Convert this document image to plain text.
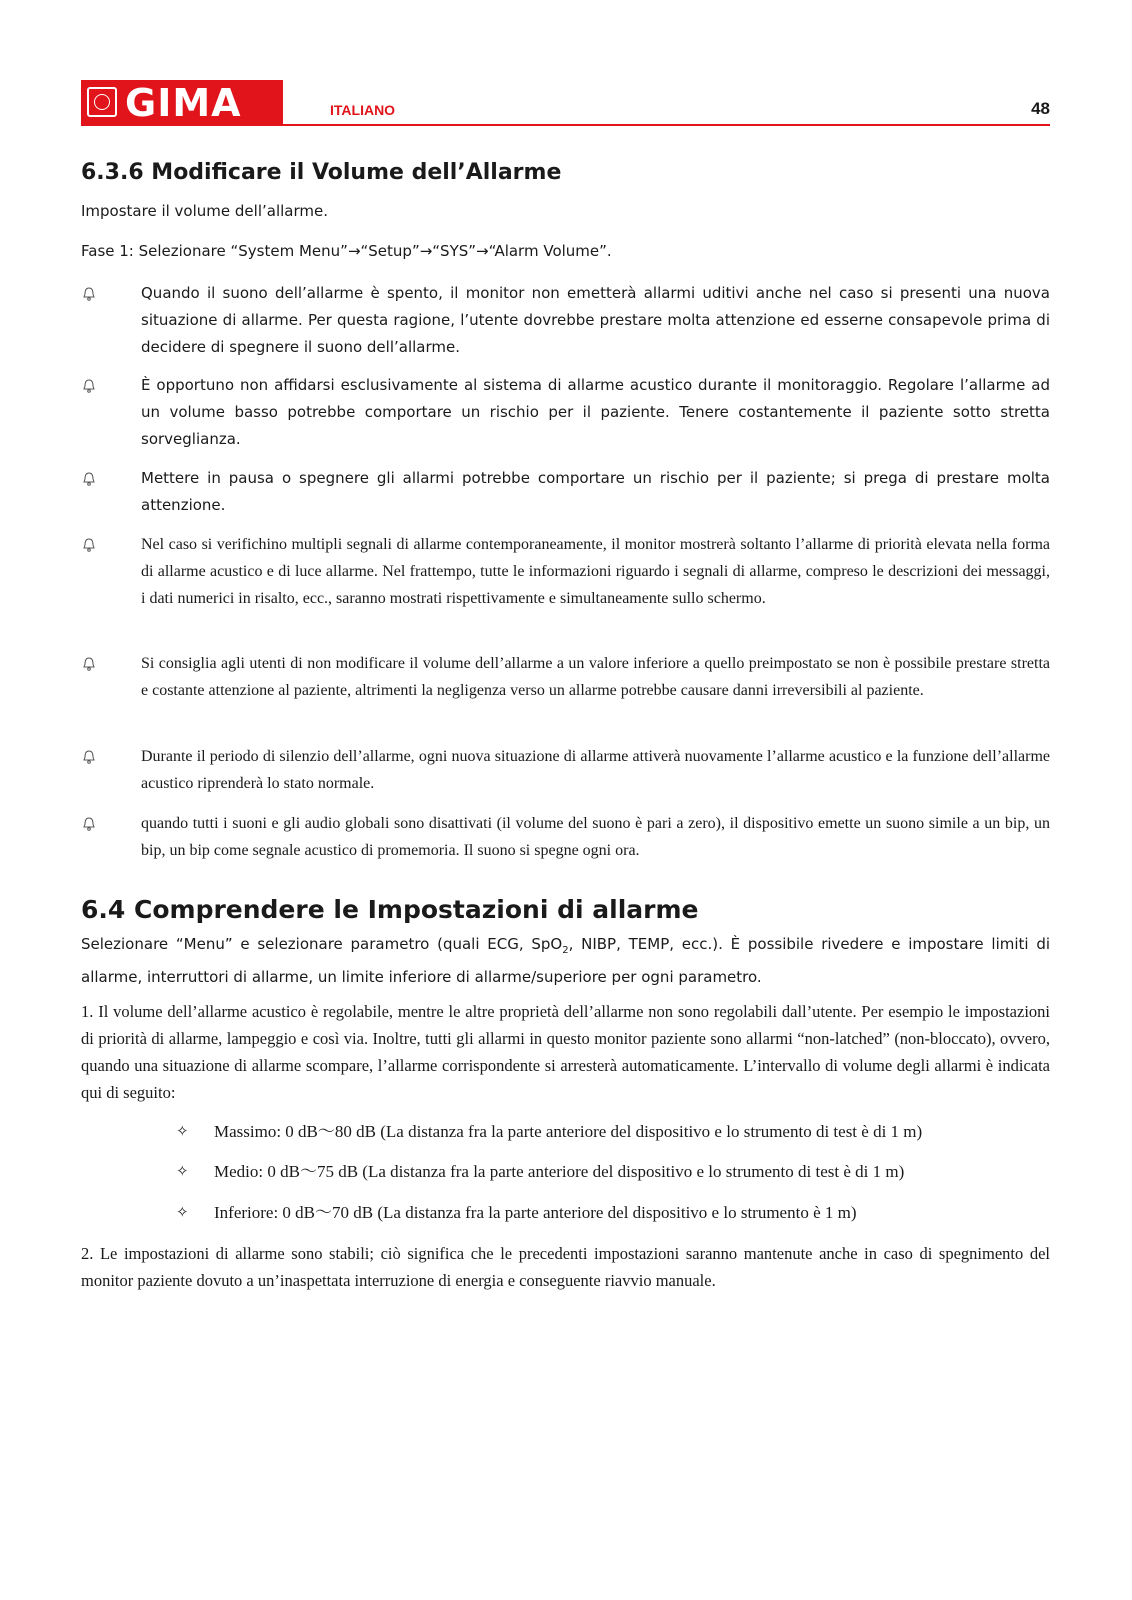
GIMA	ITALIANO	48
6.3.6 Modificare il Volume dell’Allarme

Impostare il volume dell’allarme.

Fase 1: Selezionare “System Menu”→“Setup”→“SYS”→“Alarm Volume”.

Quando il suono dell’allarme è spento, il monitor non emetterà allarmi uditivi anche nel caso si presenti una nuova situazione di allarme. Per questa ragione, l’utente dovrebbe prestare molta attenzione ed esserne consapevole prima di decidere di spegnere il suono dell’allarme.
È opportuno non affidarsi esclusivamente al sistema di allarme acustico durante il monitoraggio. Regolare l’allarme ad un volume basso potrebbe comportare un rischio per il paziente. Tenere costantemente il paziente sotto stretta sorveglianza.
Mettere in pausa o spegnere gli allarmi potrebbe comportare un rischio per il paziente; si prega di prestare molta attenzione.
Nel caso si verifichino multipli segnali di allarme contemporaneamente, il monitor mostrerà soltanto l’allarme di priorità elevata nella forma di allarme acustico e di luce allarme. Nel frattempo, tutte le informazioni riguardo i segnali di allarme, compreso le descrizioni dei messaggi, i dati numerici in risalto, ecc., saranno mostrati rispettivamente e simultaneamente sullo schermo.
Si consiglia agli utenti di non modificare il volume dell’allarme a un valore inferiore a quello preimpostato se non è possibile prestare stretta e costante attenzione al paziente, altrimenti la negligenza verso un allarme potrebbe causare danni irreversibili al paziente.
Durante il periodo di silenzio dell’allarme, ogni nuova situazione di allarme attiverà nuovamente l’allarme acustico e la funzione dell’allarme acustico riprenderà lo stato normale.
quando tutti i suoni e gli audio globali sono disattivati (il volume del suono è pari a zero), il dispositivo emette un suono simile a un bip, un bip, un bip come segnale acustico di promemoria. Il suono si spegne ogni ora.
6.4 Comprendere le Impostazioni di allarme

Selezionare “Menu” e selezionare parametro (quali ECG, SpO$_2$, NIBP, TEMP, ecc.). È possibile rivedere e impostare limiti di allarme, interruttori di allarme, un limite inferiore di allarme/superiore per ogni parametro.

1. Il volume dell’allarme acustico è regolabile, mentre le altre proprietà dell’allarme non sono regolabili dall’utente. Per esempio le impostazioni di priorità di allarme, lampeggio e così via. Inoltre, tutti gli allarmi in questo monitor paziente sono allarmi “non-latched” (non-bloccato), ovvero, quando una situazione di allarme scompare, l’allarme corrispondente si arresterà automaticamente. L’intervallo di volume degli allarmi è indicata qui di seguito:

✧ Massimo: 0 dB～80 dB (La distanza fra la parte anteriore del dispositivo e lo strumento di test è di 1 m)
✧ Medio: 0 dB～75 dB (La distanza fra la parte anteriore del dispositivo e lo strumento di test è di 1 m)
✧ Inferiore: 0 dB～70 dB (La distanza fra la parte anteriore del dispositivo e lo strumento è 1 m)

2. Le impostazioni di allarme sono stabili; ciò significa che le precedenti impostazioni saranno mantenute anche in caso di spegnimento del monitor paziente dovuto a un’inaspettata interruzione di energia e conseguente riavvio manuale.
